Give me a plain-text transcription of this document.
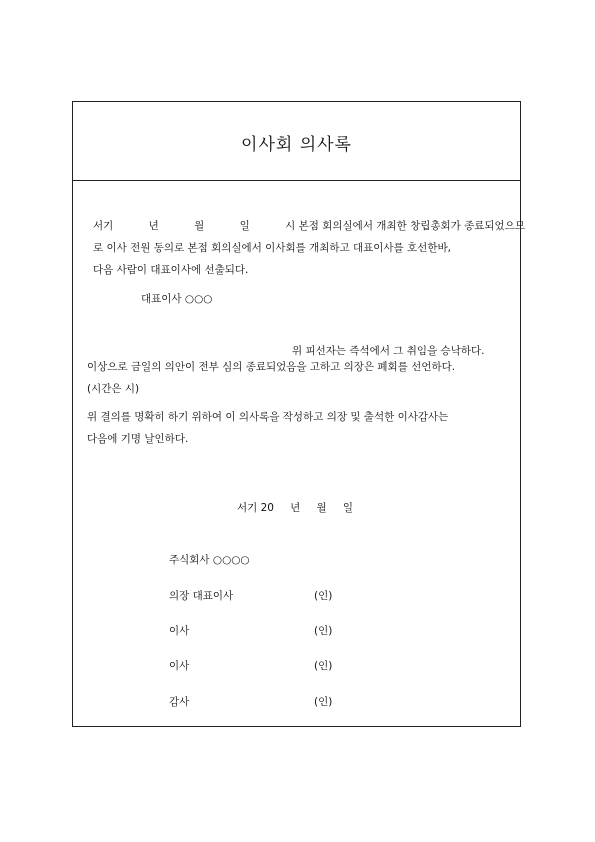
이사회 의사록
서기	년	월	일	시 본점 회의실에서 개최한 창립총회가 종료되었으므
로 이사 전원 동의로 본점 회의실에서 이사회를 개최하고 대표이사를 호선한바,
다음 사람이 대표이사에 선출되다.
대표이사 ○○○
위 피선자는 즉석에서 그 취임을 승낙하다.
이상으로 금일의 의안이 전부 심의 종료되었음을 고하고 의장은 폐회를 선언하다.
(시간은 시)
위 결의를 명확히 하기 위하여 이 의사록을 작성하고 의장 및 출석한 이사감사는
다음에 기명 날인하다.
서기 20 년 월 일
주식회사 ○○○○
의장 대표이사	(인)
이사	(인)
이사	(인)
감사	(인)
